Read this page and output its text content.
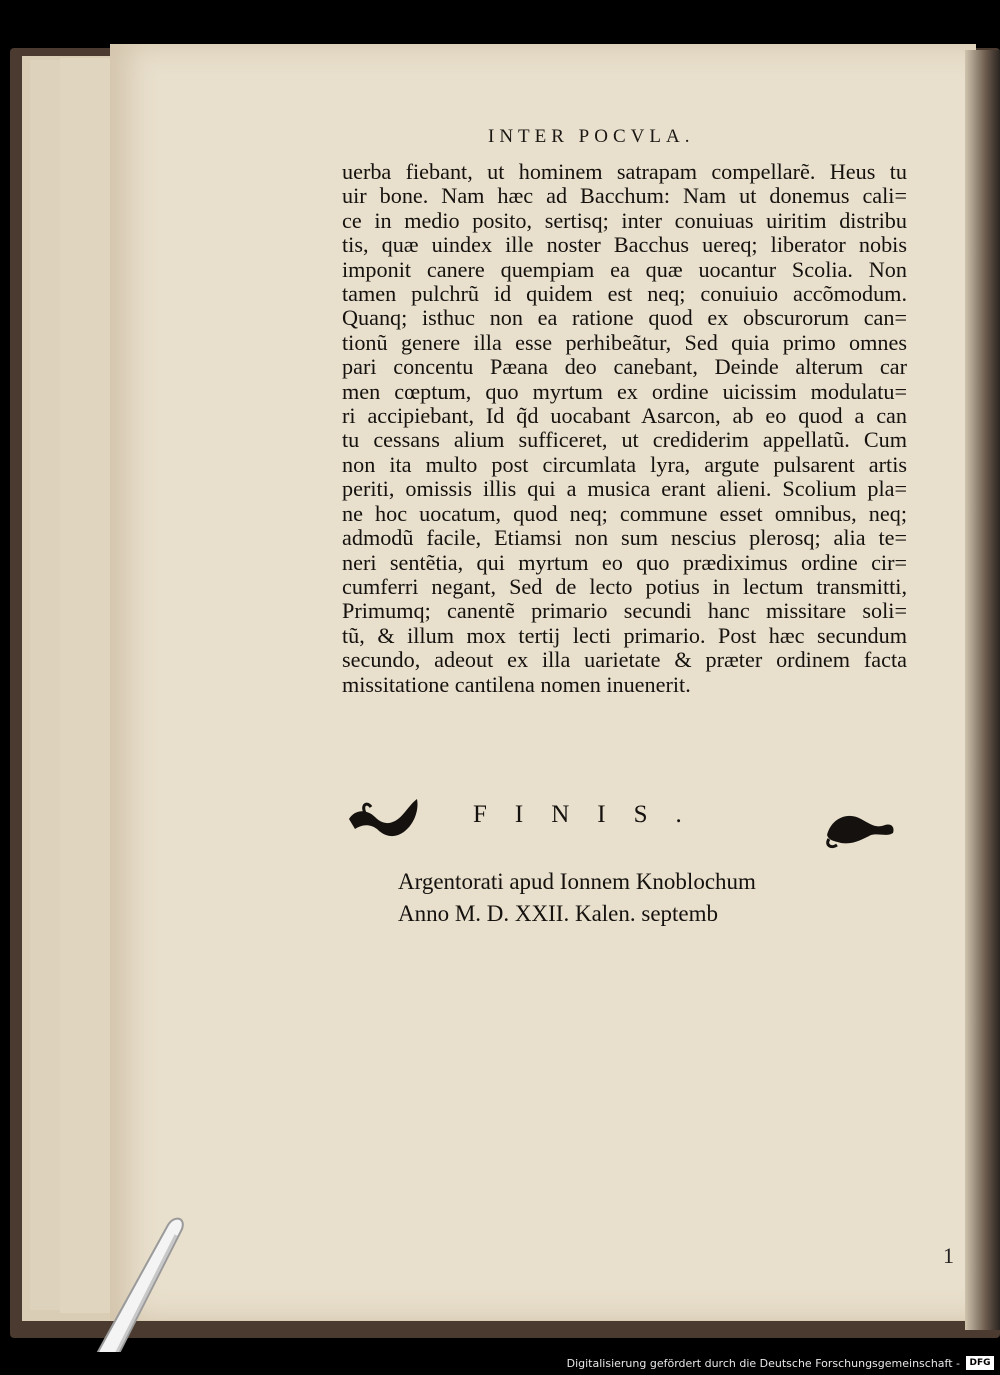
INTER POCVLA.
uerba fiebant, ut hominem satrapam compellarẽ. Heus tu
uir bone. Nam hæc ad Bacchum: Nam ut donemus cali=
ce in medio posito, sertisq; inter conuiuas uiritim distribu
tis, quæ uindex ille noster Bacchus uereq; liberator nobis
imponit canere quempiam ea quæ uocantur Scolia. Non
tamen pulchrũ id quidem est neq; conuiuio accõmodum.
Quanq; isthuc non ea ratione quod ex obscurorum can=
tionũ genere illa esse perhibeãtur, Sed quia primo omnes
pari concentu Pæana deo canebant, Deinde alterum car
men cœptum, quo myrtum ex ordine uicissim modulatu=
ri accipiebant, Id q̃d uocabant Asarcon, ab eo quod a can
tu cessans alium sufficeret, ut crediderim appellatũ. Cum
non ita multo post circumlata lyra, argute pulsarent artis
periti, omissis illis qui a musica erant alieni. Scolium pla=
ne hoc uocatum, quod neq; commune esset omnibus, neq;
admodũ facile, Etiamsi non sum nescius plerosq; alia te=
neri sentẽtia, qui myrtum eo quo prædiximus ordine cir=
cumferri negant, Sed de lecto potius in lectum transmitti,
Primumq; canentẽ primario secundi hanc missitare soli=
tũ, & illum mox tertij lecti primario. Post hæc secundum
secundo, adeout ex illa uarietate & præter ordinem facta
missitatione cantilena nomen inuenerit.
FINIS.
Argentorati apud Ionnem Knoblochum
Anno M. D. XXII. Kalen. septemb
1
Digitalisierung gefördert durch die Deutsche Forschungsgemeinschaft -	DFG
